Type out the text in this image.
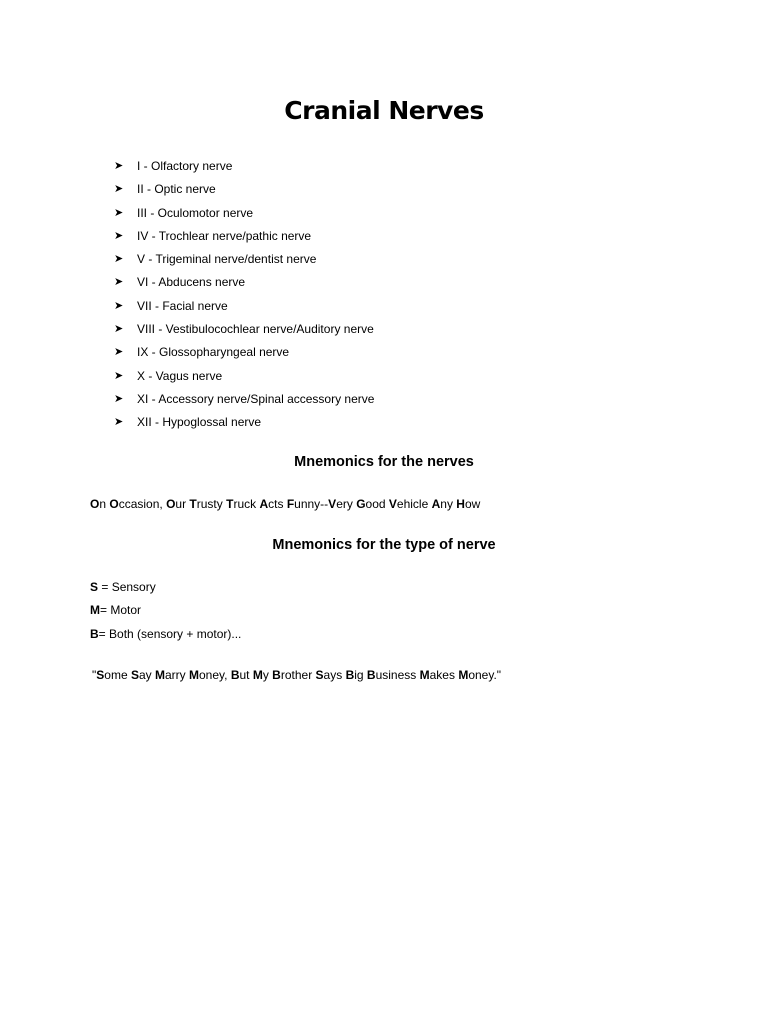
Cranial Nerves
➤	I - Olfactory nerve
➤	II - Optic nerve
➤	III - Oculomotor nerve
➤	IV - Trochlear nerve/pathic nerve
➤	V - Trigeminal nerve/dentist nerve
➤	VI - Abducens nerve
➤	VII - Facial nerve
➤	VIII - Vestibulocochlear nerve/Auditory nerve
➤	IX - Glossopharyngeal nerve
➤	X - Vagus nerve
➤	XI - Accessory nerve/Spinal accessory nerve
➤	XII - Hypoglossal nerve
Mnemonics for the nerves

On Occasion, Our Trusty Truck Acts Funny--Very Good Vehicle Any How

Mnemonics for the type of nerve

S = Sensory

M= Motor

B= Both (sensory + motor)...

"Some Say Marry Money, But My Brother Says Big Business Makes Money."
